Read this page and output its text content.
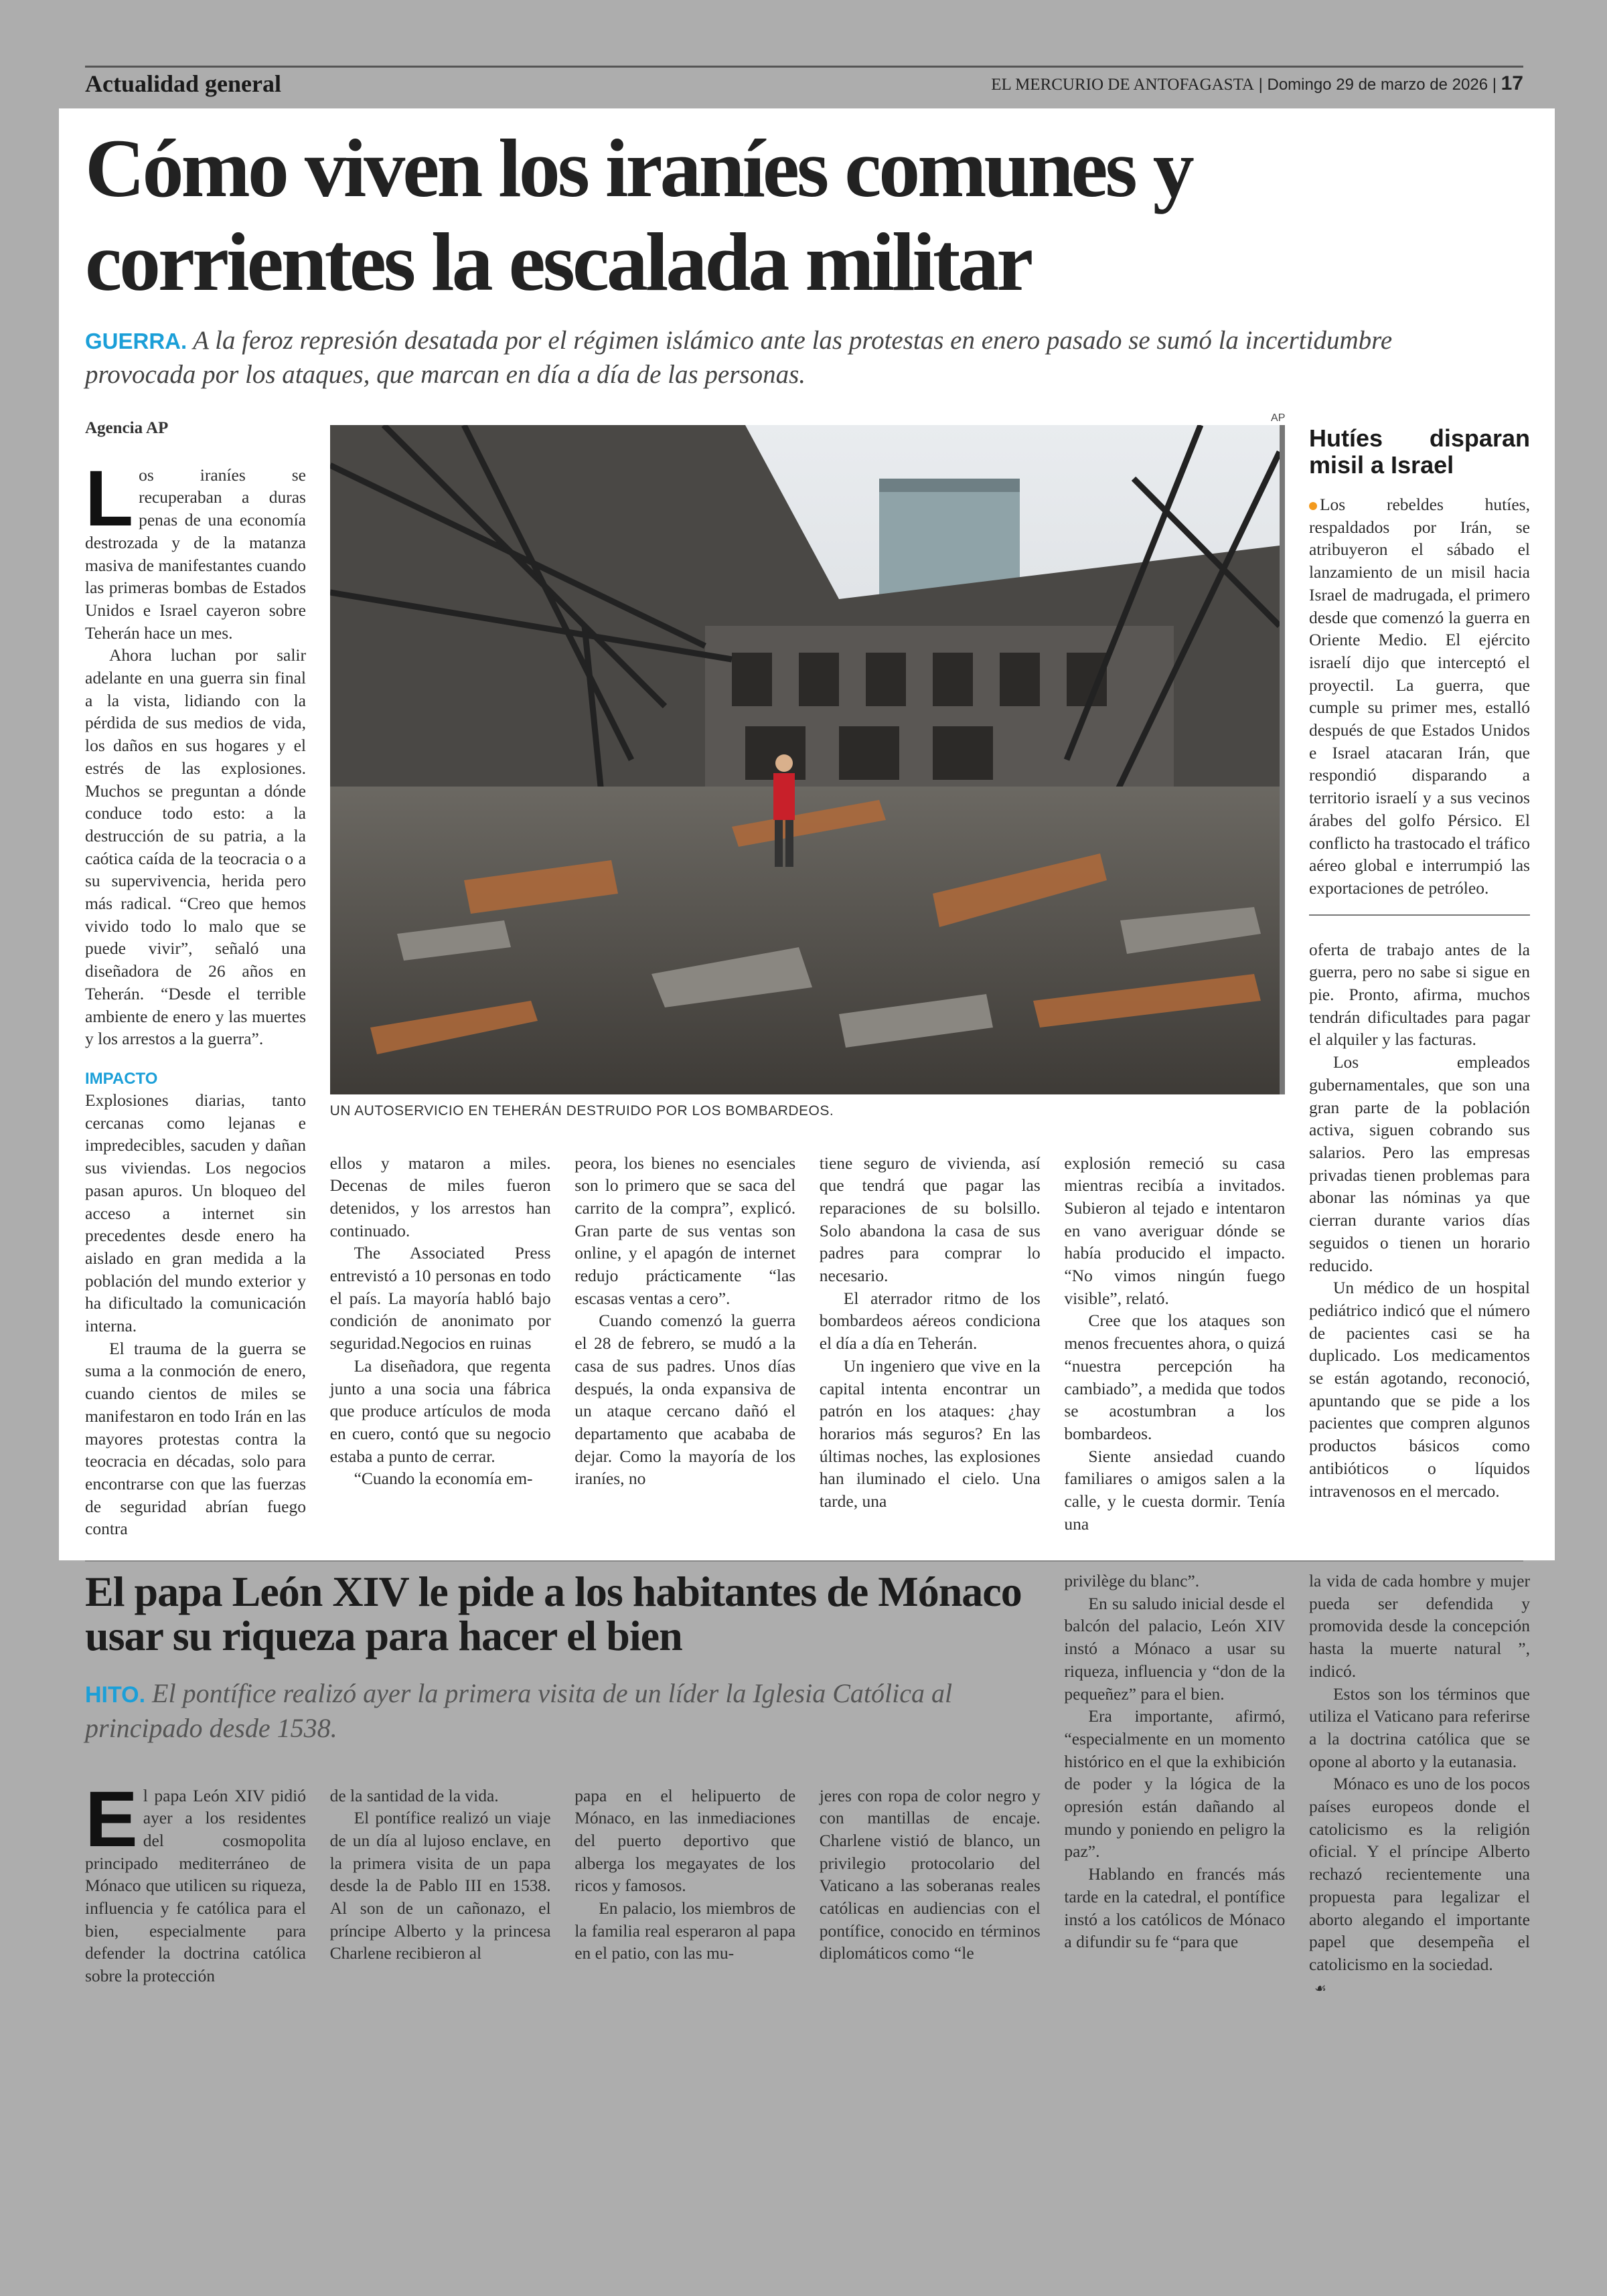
Actualidad general	EL MERCURIO DE ANTOFAGASTA | Domingo 29 de marzo de 2026 | 17
Cómo viven los iraníes comunes y corrientes la escalada militar
GUERRA. A la feroz represión desatada por el régimen islámico ante las protestas en enero pasado se sumó la incertidumbre provocada por los ataques, que marcan en día a día de las personas.
Agencia AP
L os iraníes se recuperaban a duras penas de una economía destrozada y de la matanza masiva de manifestantes cuando las primeras bombas de Estados Unidos e Israel cayeron sobre Teherán hace un mes.

Ahora luchan por salir adelante en una guerra sin final a la vista, lidiando con la pérdida de sus medios de vida, los daños en sus hogares y el estrés de las explosiones. Muchos se preguntan a dónde conduce todo esto: a la destrucción de su patria, a la caótica caída de la teocracia o a su supervivencia, herida pero más radical. “Creo que hemos vivido todo lo malo que se puede vivir”, señaló una diseñadora de 26 años en Teherán. “Desde el terrible ambiente de enero y las muertes y los arrestos a la guerra”.

IMPACTO

Explosiones diarias, tanto cercanas como lejanas e impredecibles, sacuden y dañan sus viviendas. Los negocios pasan apuros. Un bloqueo del acceso a internet sin precedentes desde enero ha aislado en gran medida a la población del mundo exterior y ha dificultado la comunicación interna.

El trauma de la guerra se suma a la conmoción de enero, cuando cientos de miles se manifestaron en todo Irán en las mayores protestas contra la teocracia en décadas, solo para encontrarse con que las fuerzas de seguridad abrían fuego contra

AP
UN AUTOSERVICIO EN TEHERÁN DESTRUIDO POR LOS BOMBARDEOS.

ellos y mataron a miles. Decenas de miles fueron detenidos, y los arrestos han continuado.

The Associated Press entrevistó a 10 personas en todo el país. La mayoría habló bajo condición de anonimato por seguridad.Negocios en ruinas

La diseñadora, que regenta junto a una socia una fábrica que produce artículos de moda en cuero, contó que su negocio estaba a punto de cerrar.

“Cuando la economía em-

peora, los bienes no esenciales son lo primero que se saca del carrito de la compra”, explicó. Gran parte de sus ventas son online, y el apagón de internet redujo prácticamente “las escasas ventas a cero”.

Cuando comenzó la guerra el 28 de febrero, se mudó a la casa de sus padres. Unos días después, la onda expansiva de un ataque cercano dañó el departamento que acababa de dejar. Como la mayoría de los iraníes, no

tiene seguro de vivienda, así que tendrá que pagar las reparaciones de su bolsillo. Solo abandona la casa de sus padres para comprar lo necesario.

El aterrador ritmo de los bombardeos aéreos condiciona el día a día en Teherán.

Un ingeniero que vive en la capital intenta encontrar un patrón en los ataques: ¿hay horarios más seguros? En las últimas noches, las explosiones han iluminado el cielo. Una tarde, una

explosión remeció su casa mientras recibía a invitados. Subieron al tejado e intentaron en vano averiguar dónde se había producido el impacto. “No vimos ningún fuego visible”, relató.

Cree que los ataques son menos frecuentes ahora, o quizá “nuestra percepción ha cambiado”, a medida que todos se acostumbran a los bombardeos.

Siente ansiedad cuando familiares o amigos salen a la calle, y le cuesta dormir. Tenía una

Hutíes disparan misil a Israel

Los rebeldes hutíes, respaldados por Irán, se atribuyeron el sábado el lanzamiento de un misil hacia Israel de madrugada, el primero desde que comenzó la guerra en Oriente Medio. El ejército israelí dijo que interceptó el proyectil. La guerra, que cumple su primer mes, estalló después de que Estados Unidos e Israel atacaran Irán, que respondió disparando a territorio israelí y a sus vecinos árabes del golfo Pérsico. El conflicto ha trastocado el tráfico aéreo global e interrumpió las exportaciones de petróleo.

oferta de trabajo antes de la guerra, pero no sabe si sigue en pie. Pronto, afirma, muchos tendrán dificultades para pagar el alquiler y las facturas.

Los empleados gubernamentales, que son una gran parte de la población activa, siguen cobrando sus salarios. Pero las empresas privadas tienen problemas para abonar las nóminas ya que cierran durante varios días seguidos o tienen un horario reducido.

Un médico de un hospital pediátrico indicó que el número de pacientes casi se ha duplicado. Los medicamentos se están agotando, reconoció, apuntando que se pide a los pacientes que compren algunos productos básicos como antibióticos o líquidos intravenosos en el mercado.

El papa León XIV le pide a los habitantes de Mónaco usar su riqueza para hacer el bien
HITO. El pontífice realizó ayer la primera visita de un líder la Iglesia Católica al principado desde 1538.
E l papa León XIV pidió ayer a los residentes del cosmopolita principado mediterráneo de Mónaco que utilicen su riqueza, influencia y fe católica para el bien, especialmente para defender la doctrina católica sobre la protección

de la santidad de la vida.

El pontífice realizó un viaje de un día al lujoso enclave, en la primera visita de un papa desde la de Pablo III en 1538. Al son de un cañonazo, el príncipe Alberto y la princesa Charlene recibieron al

papa en el helipuerto de Mónaco, en las inmediaciones del puerto deportivo que alberga los megayates de los ricos y famosos.

En palacio, los miembros de la familia real esperaron al papa en el patio, con las mu-

jeres con ropa de color negro y con mantillas de encaje. Charlene vistió de blanco, un privilegio protocolario del Vaticano a las soberanas reales católicas en audiencias con el pontífice, conocido en términos diplomáticos como “le

privilège du blanc”.

En su saludo inicial desde el balcón del palacio, León XIV instó a Mónaco a usar su riqueza, influencia y “don de la pequeñez” para el bien.

Era importante, afirmó, “especialmente en un momento histórico en el que la exhibición de poder y la lógica de la opresión están dañando al mundo y poniendo en peligro la paz”.

Hablando en francés más tarde en la catedral, el pontífice instó a los católicos de Mónaco a difundir su fe “para que

la vida de cada hombre y mujer pueda ser defendida y promovida desde la concepción hasta la muerte natural ”, indicó.

Estos son los términos que utiliza el Vaticano para referirse a la doctrina católica que se opone al aborto y la eutanasia.

Mónaco es uno de los pocos países europeos donde el catolicismo es la religión oficial. Y el príncipe Alberto rechazó recientemente una propuesta para legalizar el aborto alegando el importante papel que desempeña el catolicismo en la sociedad.

☙
